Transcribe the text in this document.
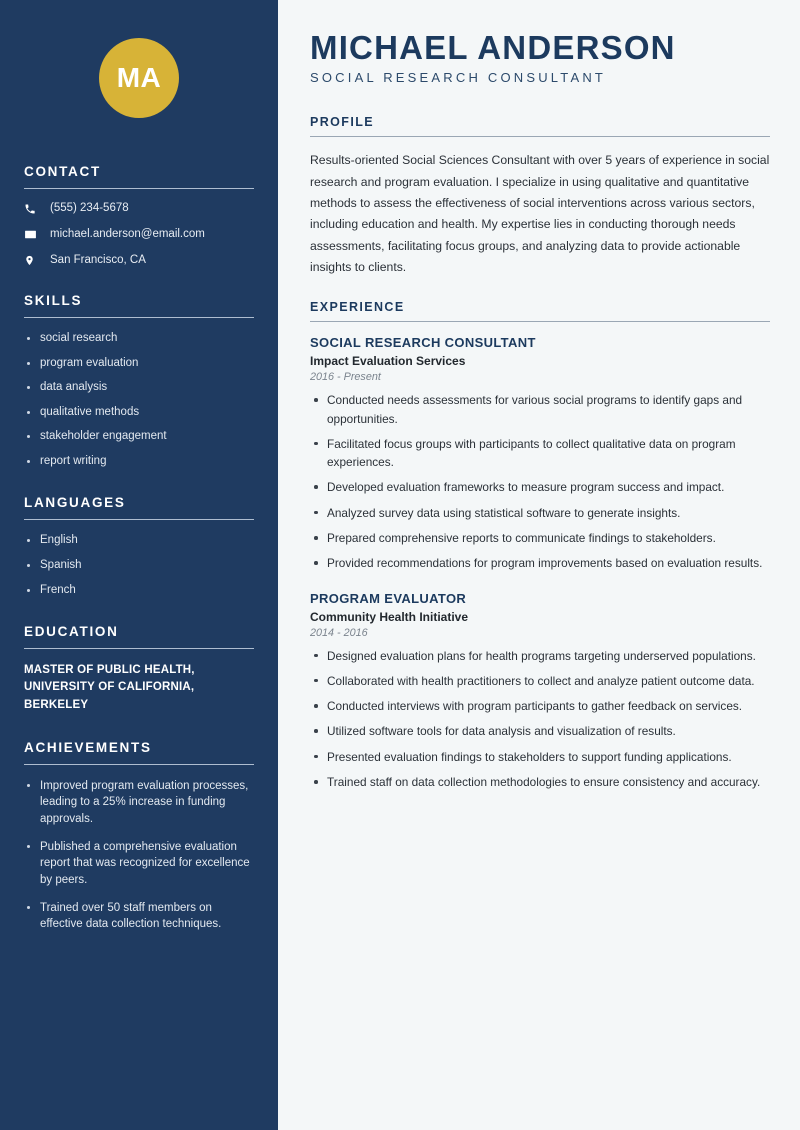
MA
CONTACT
(555) 234-5678
michael.anderson@email.com
San Francisco, CA
SKILLS
social research
program evaluation
data analysis
qualitative methods
stakeholder engagement
report writing
LANGUAGES
English
Spanish
French
EDUCATION
MASTER OF PUBLIC HEALTH, UNIVERSITY OF CALIFORNIA, BERKELEY
ACHIEVEMENTS
Improved program evaluation processes, leading to a 25% increase in funding approvals.
Published a comprehensive evaluation report that was recognized for excellence by peers.
Trained over 50 staff members on effective data collection techniques.
MICHAEL ANDERSON
SOCIAL RESEARCH CONSULTANT
PROFILE

Results-oriented Social Sciences Consultant with over 5 years of experience in social research and program evaluation. I specialize in using qualitative and quantitative methods to assess the effectiveness of social interventions across various sectors, including education and health. My expertise lies in conducting thorough needs assessments, facilitating focus groups, and analyzing data to provide actionable insights to clients.

EXPERIENCE
SOCIAL RESEARCH CONSULTANT
Impact Evaluation Services
2016 - Present
Conducted needs assessments for various social programs to identify gaps and opportunities.
Facilitated focus groups with participants to collect qualitative data on program experiences.
Developed evaluation frameworks to measure program success and impact.
Analyzed survey data using statistical software to generate insights.
Prepared comprehensive reports to communicate findings to stakeholders.
Provided recommendations for program improvements based on evaluation results.
PROGRAM EVALUATOR
Community Health Initiative
2014 - 2016
Designed evaluation plans for health programs targeting underserved populations.
Collaborated with health practitioners to collect and analyze patient outcome data.
Conducted interviews with program participants to gather feedback on services.
Utilized software tools for data analysis and visualization of results.
Presented evaluation findings to stakeholders to support funding applications.
Trained staff on data collection methodologies to ensure consistency and accuracy.
